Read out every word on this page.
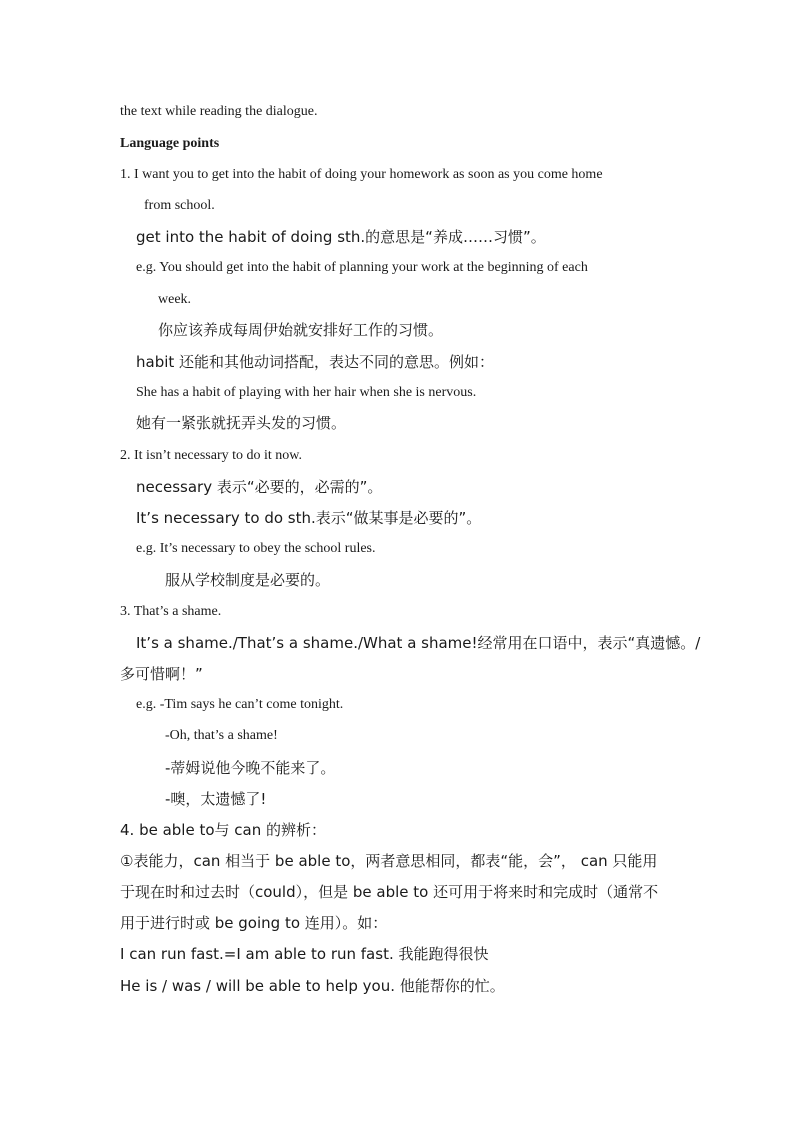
the text while reading the dialogue.
Language points
1. I want you to get into the habit of doing your homework as soon as you come home
from school.
get into the habit of doing sth.的意思是“养成……习惯”。
e.g. You should get into the habit of planning your work at the beginning of each
week.
你应该养成每周伊始就安排好工作的习惯。
habit 还能和其他动词搭配，表达不同的意思。例如：
She has a habit of playing with her hair when she is nervous.
她有一紧张就抚弄头发的习惯。
2. It isn’t necessary to do it now.
necessary 表示“必要的，必需的”。
It’s necessary to do sth.表示“做某事是必要的”。
e.g. It’s necessary to obey the school rules.
服从学校制度是必要的。
3. That’s a shame.
It’s a shame./That’s a shame./What a shame!经常用在口语中，表示“真遗憾。/
多可惜啊！”
e.g. -Tim says he can’t come tonight.
-Oh, that’s a shame!
-蒂姆说他今晚不能来了。
-噢，太遗憾了!
4. be able to与 can 的辨析：
①表能力，can 相当于 be able to，两者意思相同，都表“能，会”， can 只能用
于现在时和过去时（could），但是 be able to 还可用于将来时和完成时（通常不
用于进行时或 be going to 连用）。如：
I can run fast.=I am able to run fast. 我能跑得很快
He is / was / will be able to help you. 他能帮你的忙。
